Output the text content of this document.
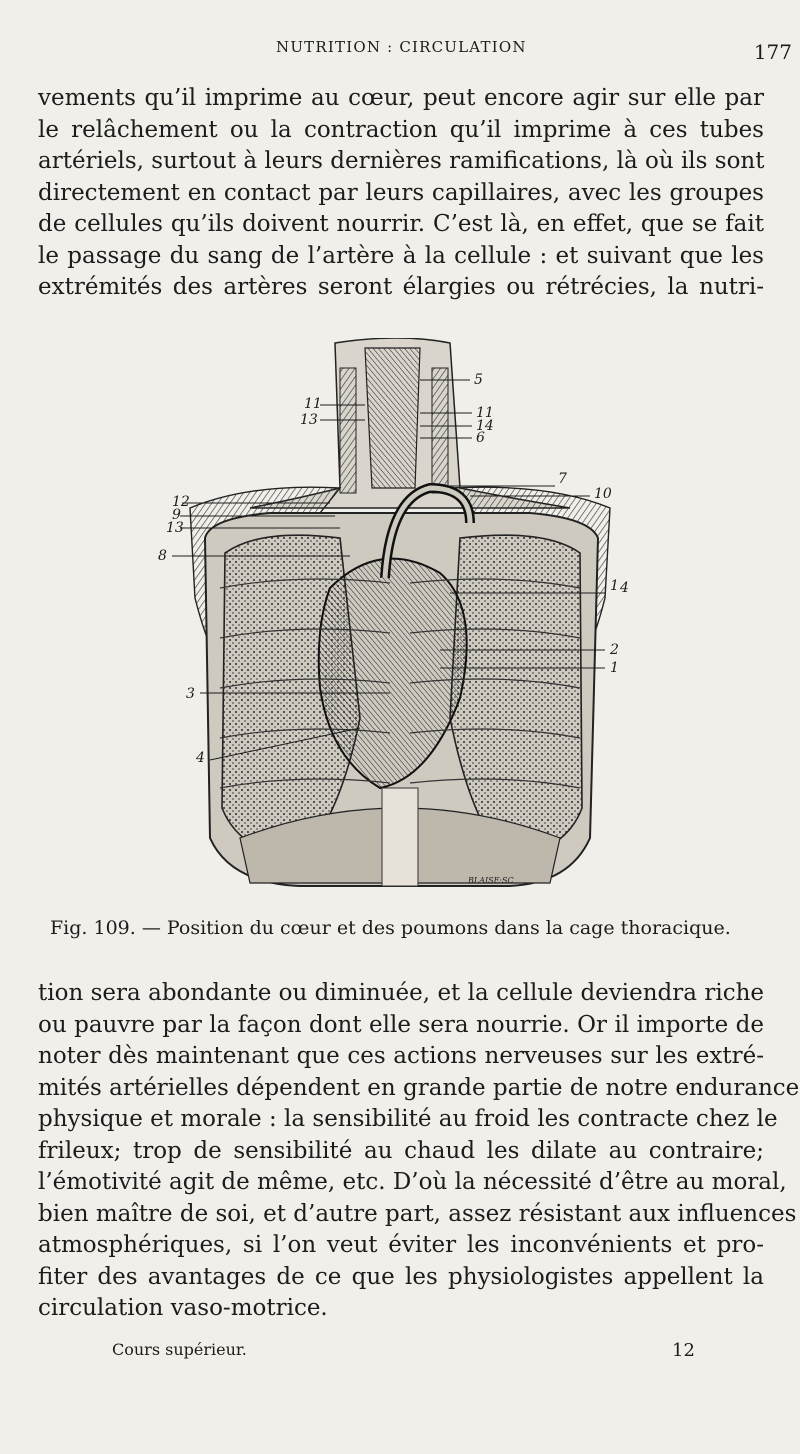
NUTRITION : CIRCULATION	177
vements qu’il imprime au cœur, peut encore agir sur elle par
le relâchement ou la contraction qu’il imprime à ces tubes
artériels, surtout à leurs dernières ramifications, là où ils sont
directement en contact par leurs capillaires, avec les groupes
de cellules qu’ils doivent nourrir. C’est là, en effet, que se fait
le passage du sang de l’artère à la cellule : et suivant que les
extrémités des artères seront élargies ou rétrécies, la nutri-
5
11
13	11
14
6
7
10
12
9
13
8
1 4
2
1
3
4
BLAISE·SC
Fig. 109. — Position du cœur et des poumons dans la cage thoracique.
tion sera abondante ou diminuée, et la cellule deviendra riche
ou pauvre par la façon dont elle sera nourrie. Or il importe de
noter dès maintenant que ces actions nerveuses sur les extré-
mités artérielles dépendent en grande partie de notre endurance
physique et morale : la sensibilité au froid les contracte chez le
frileux; trop de sensibilité au chaud les dilate au contraire;
l’émotivité agit de même, etc. D’où la nécessité d’être au moral,
bien maître de soi, et d’autre part, assez résistant aux influences
atmosphériques, si l’on veut éviter les inconvénients et pro-
fiter des avantages de ce que les physiologistes appellent la
circulation vaso-motrice.
Cours supérieur.	12
